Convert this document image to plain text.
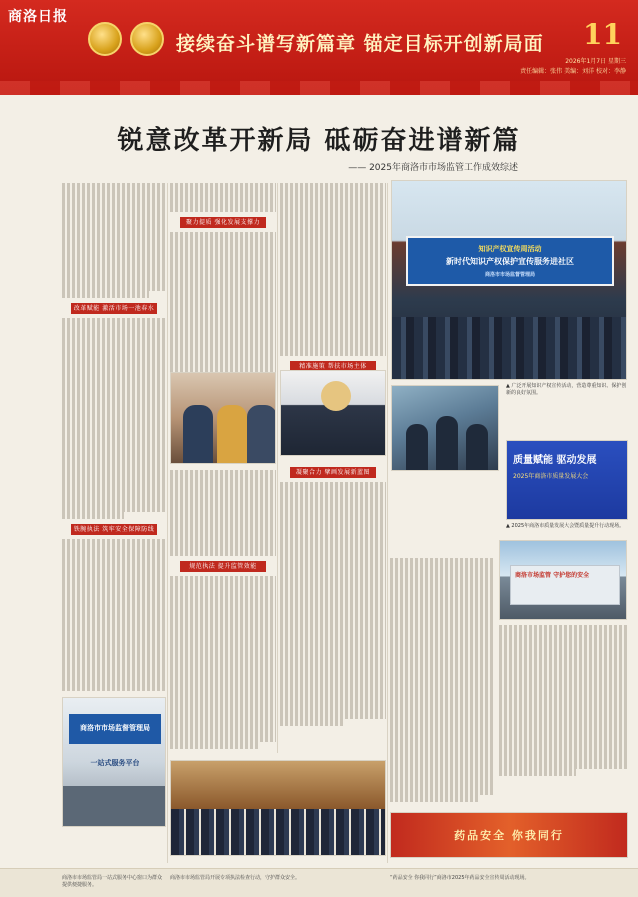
商洛日报
接续奋斗谱写新篇章 锚定目标开创新局面 11
2026年1月7日 星期三
责任编辑：张伟 美编：刘洋 校对：李静
锐意改革开新局 砥砺奋进谱新篇
—— 2025年商洛市市场监管工作成效综述
改革赋能 激活市场一池春水
铁腕执法 筑牢安全保障防线
聚力提质 强化发展支撑力
精准施策 帮扶市场主体
规范执法 提升监管效能
凝聚合力 擘画发展新蓝图
知识产权宣传周活动
新时代知识产权保护宣传服务进社区
商洛市市场监督管理局
▲ 广泛开展知识产权宣传活动，营造尊重知识、保护创新的良好氛围。
质量赋能 驱动发展
2025年商洛市质量发展大会
▲ 2025年商洛市质量发展大会暨质量提升行动现场。
商洛市市场监督管理局
一站式服务平台
商洛市场监管 守护您的安全
药品安全 你我同行
商洛市市场监管局一站式服务中心窗口为群众提供便捷服务。
商洛市市场监管局开展专项执法检查行动，守护群众安全。	“药品安全 你我同行”商洛市2025年药品安全宣传周活动现场。
